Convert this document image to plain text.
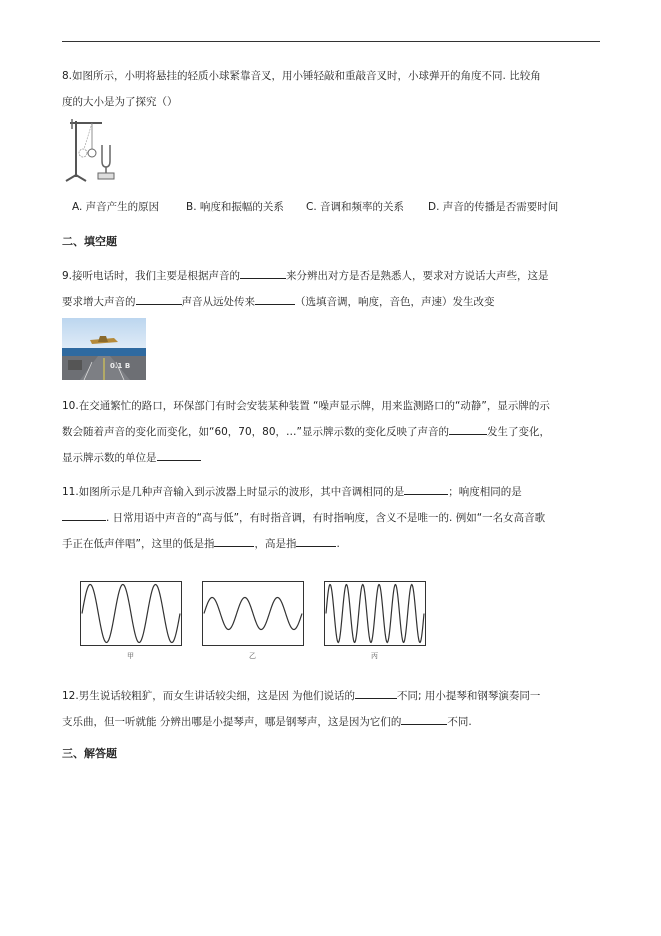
8.如图所示，小明将悬挂的轻质小球紧靠音叉，用小锤轻敲和重敲音叉时，小球弹开的角度不同. 比较角
度的大小是为了探究（）
A. 声音产生的原因	B. 响度和振幅的关系 C. 音调和频率的关系 D. 声音的传播是否需要时间
二、填空题
9.接听电话时，我们主要是根据声音的	来分辨出对方是否是熟悉人，要求对方说话大声些，这是
要求增大声音的	声音从远处传来	（选填音调，响度，音色，声速）发生改变
0.1 B
10.在交通繁忙的路口，环保部门有时会安装某种装置 “噪声显示牌，用来监测路口的“动静”，显示牌的示
数会随着声音的变化而变化，如“60，70，80，…”显示牌示数的变化反映了声音的	发生了变化，
显示牌示数的单位是
11.如图所示是几种声音输入到示波器上时显示的波形，其中音调相同的是	；响度相同的是
. 日常用语中声音的“高与低”，有时指音调，有时指响度，含义不是唯一的. 例如“一名女高音歌
手正在低声伴唱”，这里的低是指	，高是指	.
甲	乙	丙
12.男生说话较粗犷，而女生讲话较尖细，这是因 为他们说话的	不同; 用小提琴和钢琴演奏同一
支乐曲，但一听就能 分辨出哪是小提琴声，哪是钢琴声，这是因为它们的	不同.
三、解答题
